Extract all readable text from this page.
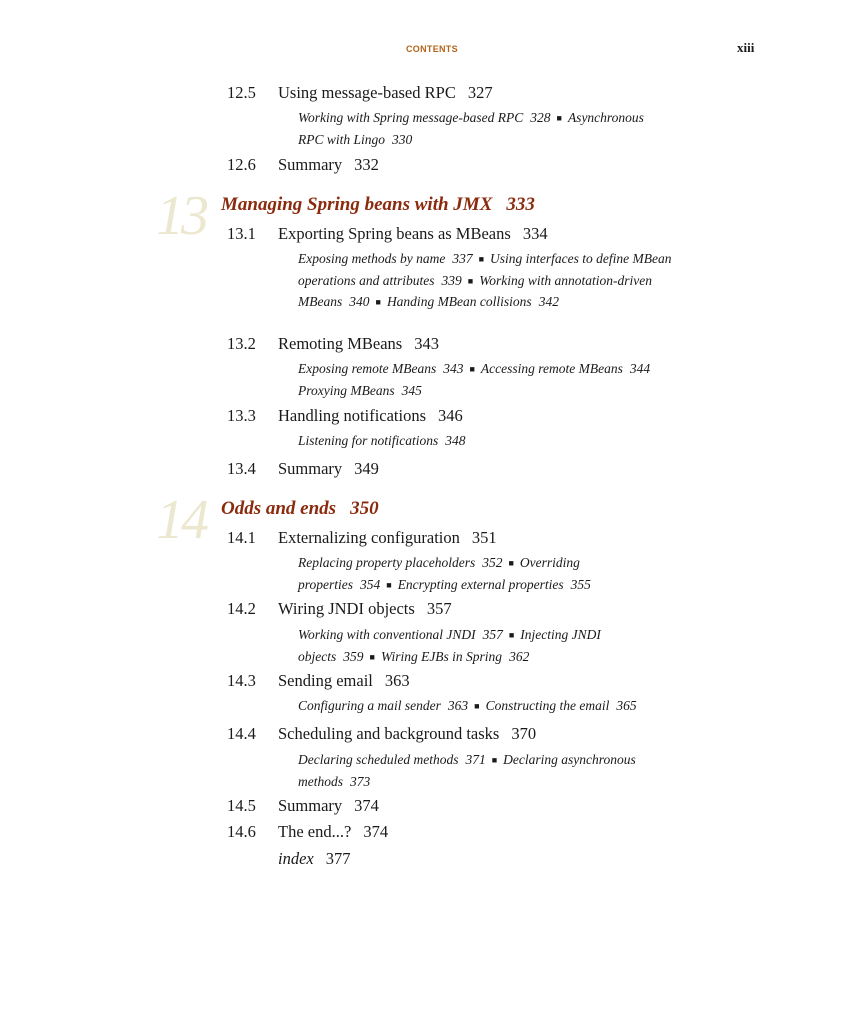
CONTENTS	xiii
12.5 Using message-based RPC 327
Working with Spring message-based RPC 328 ■ Asynchronous
RPC with Lingo 330
12.6 Summary 332
13 Managing Spring beans with JMX 333
13.1 Exporting Spring beans as MBeans 334
Exposing methods by name 337 ■ Using interfaces to define MBean operations and attributes 339 ■ Working with annotation-driven MBeans 340 ■ Handing MBean collisions 342
13.2 Remoting MBeans 343
Exposing remote MBeans 343 ■ Accessing remote MBeans 344
Proxying MBeans 345
13.3 Handling notifications 346
Listening for notifications 348
13.4 Summary 349
14 Odds and ends 350
14.1 Externalizing configuration 351
Replacing property placeholders 352 ■ Overriding properties 354 ■ Encrypting external properties 355
14.2 Wiring JNDI objects 357
Working with conventional JNDI 357 ■ Injecting JNDI objects 359 ■ Wiring EJBs in Spring 362
14.3 Sending email 363
Configuring a mail sender 363 ■ Constructing the email 365
14.4 Scheduling and background tasks 370
Declaring scheduled methods 371 ■ Declaring asynchronous methods 373
14.5 Summary 374
14.6 The end...? 374
index 377
